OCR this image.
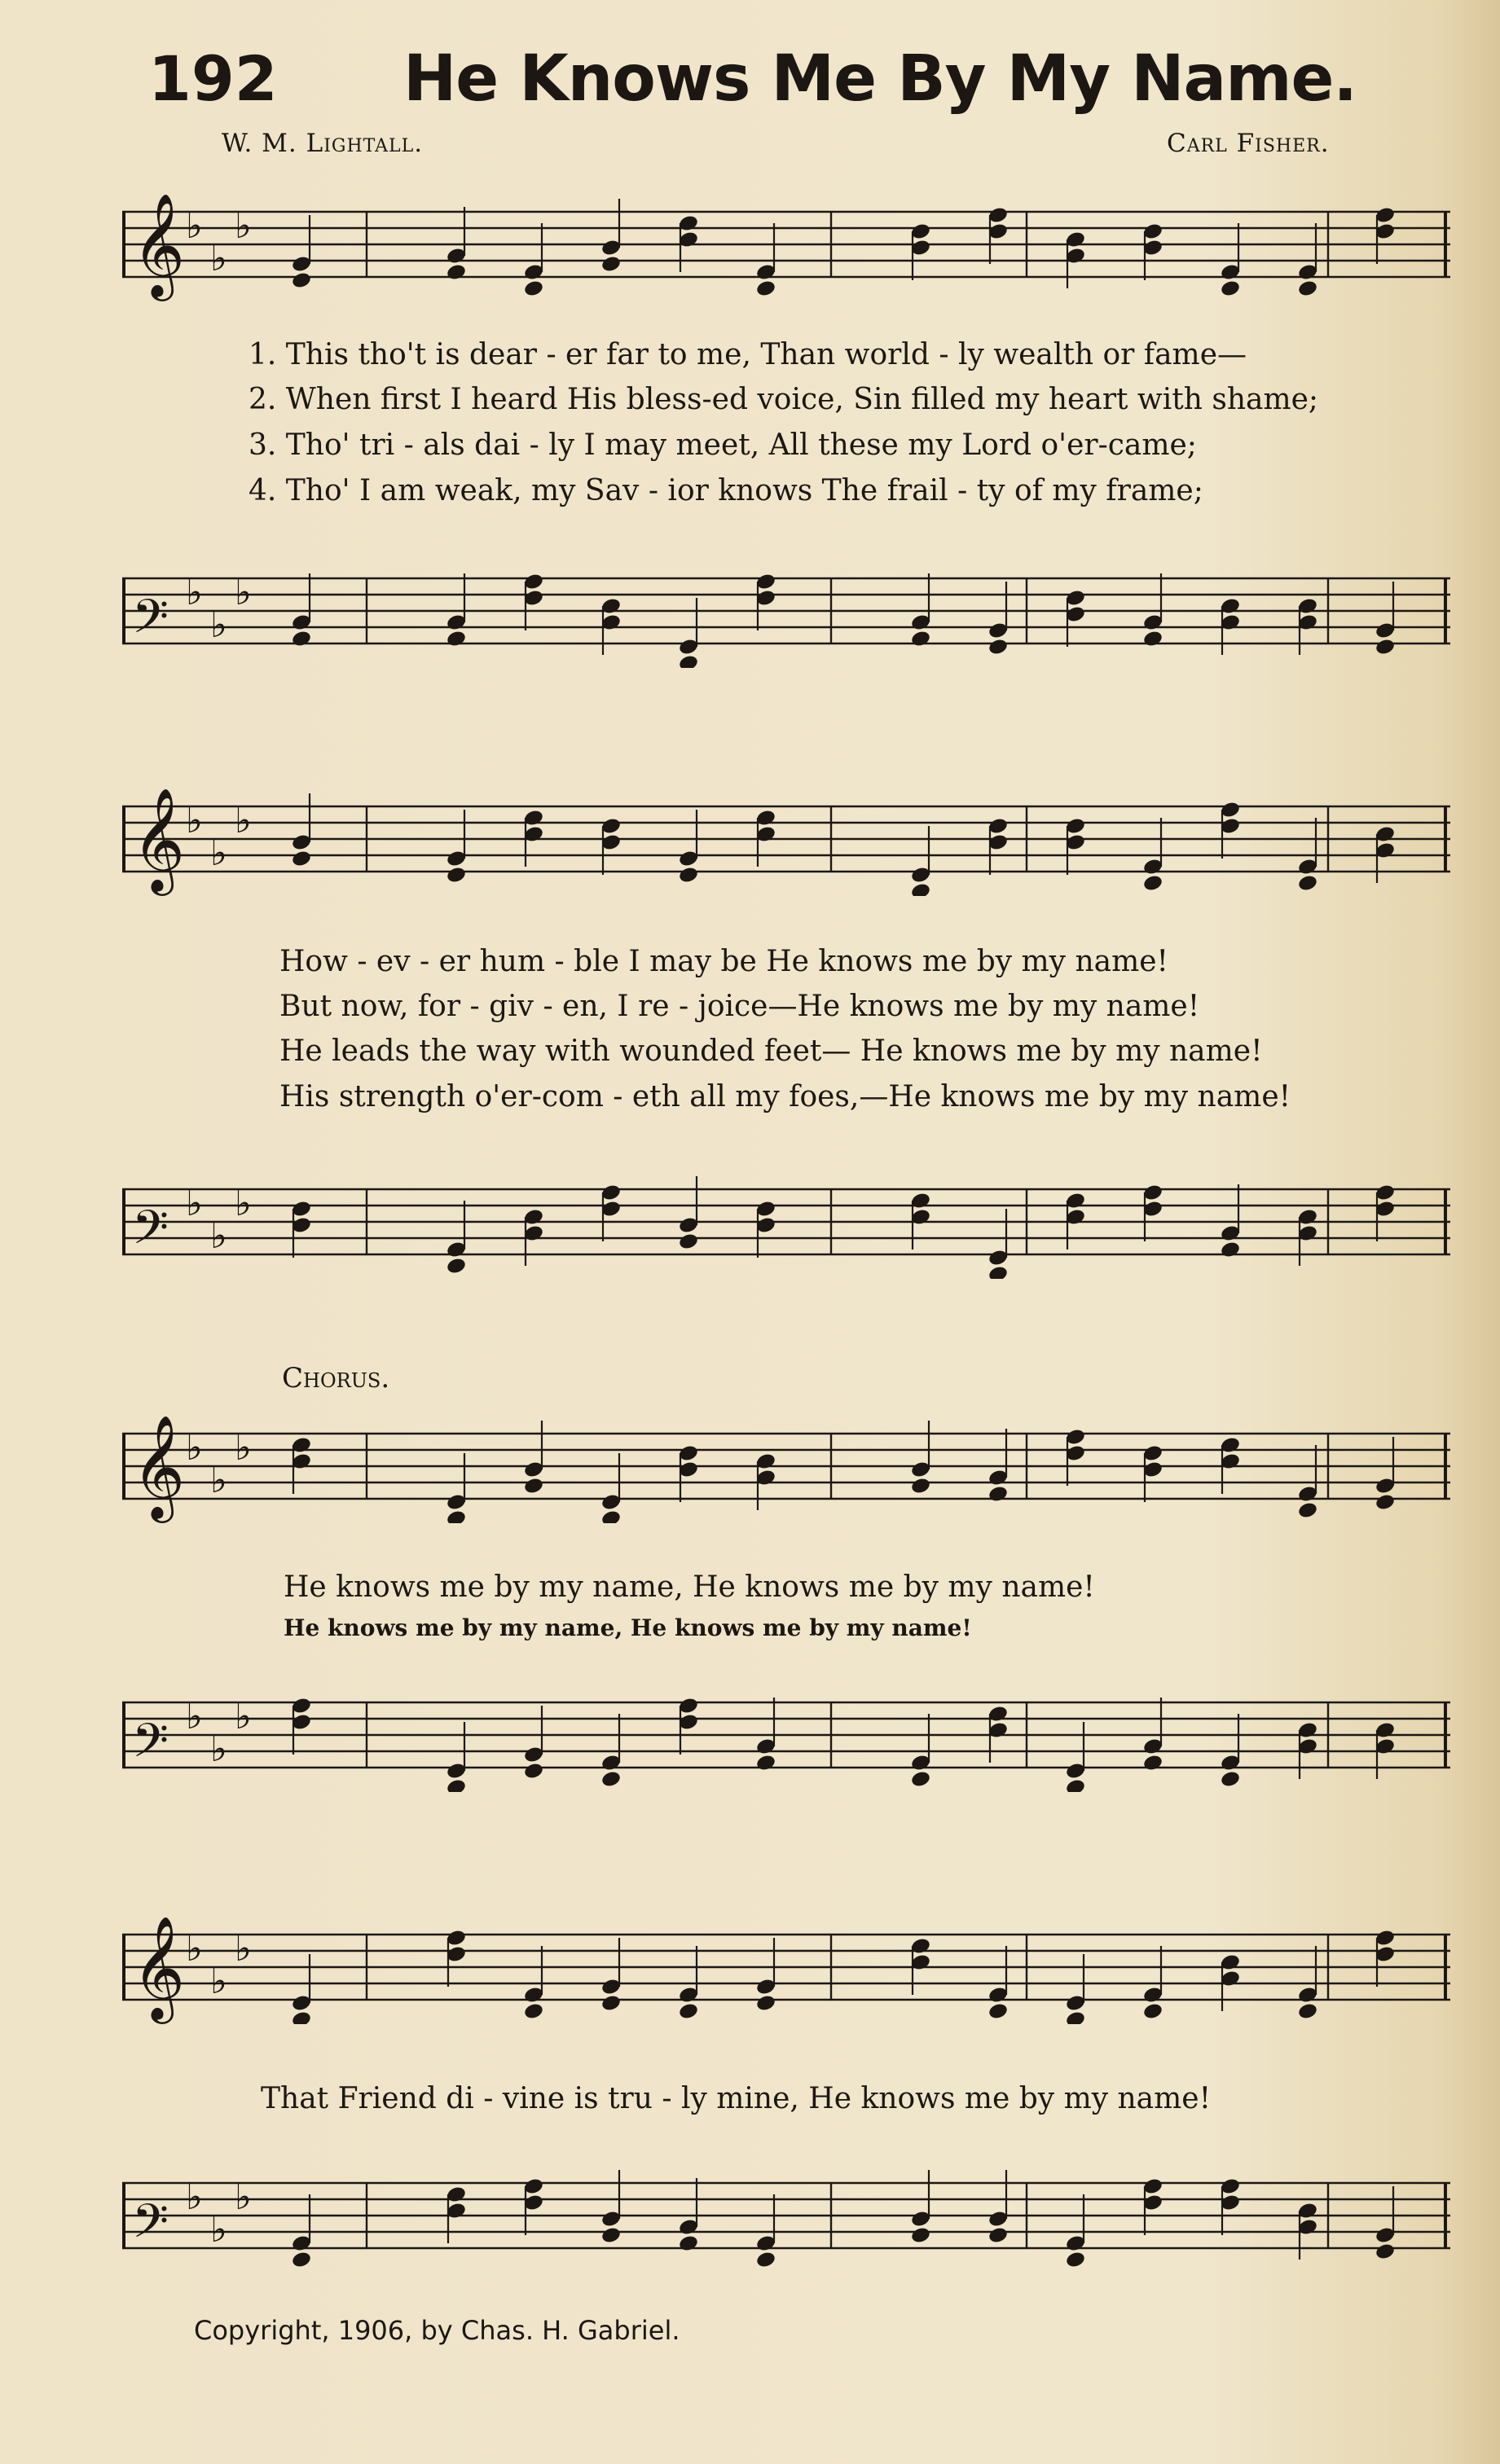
192 He Knows Me By My Name.
W. M. Lightall.	Carl Fisher.
𝄞 ♭
♭
♭
1. This tho't is dear - er far to me, Than world - ly wealth or fame—
2. When first I heard His bless-ed voice, Sin filled my heart with shame;
3. Tho' tri - als dai - ly I may meet, All these my Lord o'er-came;
4. Tho' I am weak, my Sav - ior knows The frail - ty of my frame;
𝄢 ♭
♭
♭
𝄞 ♭
♭
♭
How - ev - er hum - ble I may be He knows me by my name!
But now, for - giv - en, I re - joice—He knows me by my name!
He leads the way with wounded feet— He knows me by my name!
His strength o'er-com - eth all my foes,—He knows me by my name!
𝄢 ♭
♭
♭
Chorus.
𝄞 ♭
♭
♭
He knows me by my name, He knows me by my name!
He knows me by my name, He knows me by my name!
𝄢 ♭
♭
♭
𝄞 ♭
♭
♭
That Friend di - vine is tru - ly mine, He knows me by my name!
𝄢 ♭
♭
♭
Copyright, 1906, by Chas. H. Gabriel.
